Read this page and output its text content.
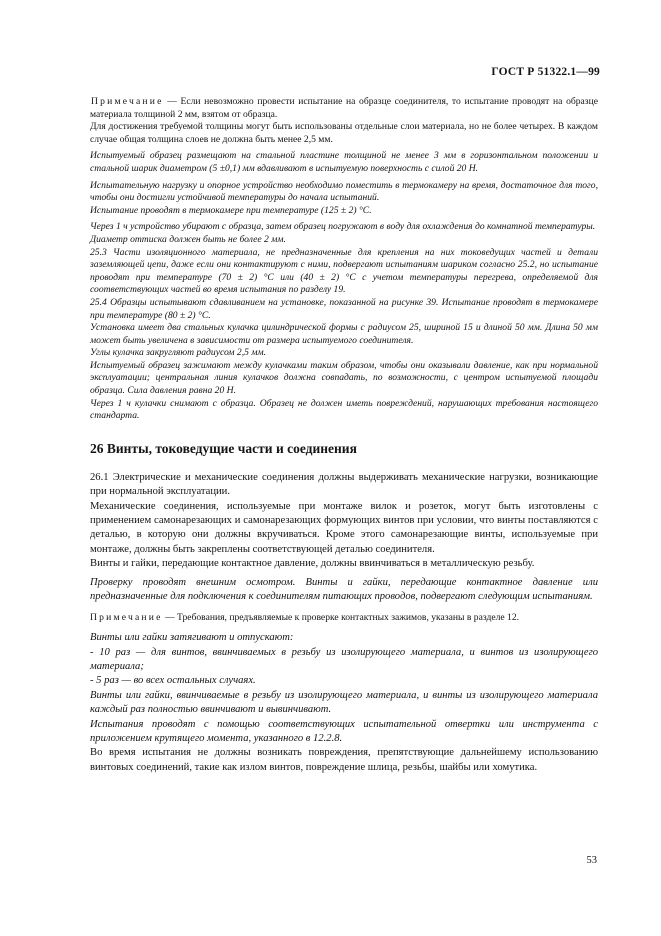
ГОСТ Р 51322.1—99

Примечание — Если невозможно провести испытание на образце соединителя, то испытание проводят на образце материала толщиной 2 мм, взятом от образца.

Для достижения требуемой толщины могут быть использованы отдельные слои материала, но не более четырех. В каждом случае общая толщина слоев не должна быть менее 2,5 мм.

Испытуемый образец размещают на стальной пластине толщиной не менее 3 мм в горизонтальном положении и стальной шарик диаметром (5 ±0,1) мм вдавливают в испытуемую поверхность с силой 20 Н.

Испытательную нагрузку и опорное устройство необходимо поместить в термокамеру на время, достаточное для того, чтобы они достигли устойчивой температуры до начала испытаний.

Испытание проводят в термокамере при температуре (125 ± 2) °С.

Через 1 ч устройство убирают с образца, затем образец погружают в воду для охлаждения до комнатной температуры.

Диаметр оттиска должен быть не более 2 мм.

25.3 Части изоляционного материала, не предназначенные для крепления на них токоведущих частей и детали заземляющей цепи, даже если они контактируют с ними, подвергают испытаниям шариком согласно 25.2, но испытание проводят при температуре (70 ± 2) °С или (40 ± 2) °С с учетом температуры перегрева, определяемой для соответствующих частей во время испытания по разделу 19.

25.4 Образцы испытывают сдавливанием на установке, показанной на рисунке 39. Испытание проводят в термокамере при температуре (80 ± 2) °С.

Установка имеет два стальных кулачка цилиндрической формы с радиусом 25, шириной 15 и длиной 50 мм. Длина 50 мм может быть увеличена в зависимости от размера испытуемого соединителя.

Углы кулачка закругляют радиусом 2,5 мм.

Испытуемый образец зажимают между кулачками таким образом, чтобы они оказывали давление, как при нормальной эксплуатации; центральная линия кулачков должна совпадать, по возможности, с центром испытуемой площади образца. Сила давления равна 20 Н.

Через 1 ч кулачки снимают с образца. Образец не должен иметь повреждений, нарушающих требования настоящего стандарта.

26 Винты, токоведущие части и соединения

26.1 Электрические и механические соединения должны выдерживать механические нагрузки, возникающие при нормальной эксплуатации.

Механические соединения, используемые при монтаже вилок и розеток, могут быть изготовлены с применением самонарезающих и самонарезающих формующих винтов при условии, что винты поставляются с деталью, в которую они должны вкручиваться. Кроме этого самонарезающие винты, используемые при монтаже, должны быть закреплены соответствующей деталью соединителя.

Винты и гайки, передающие контактное давление, должны ввинчиваться в металлическую резьбу.

Проверку проводят внешним осмотром. Винты и гайки, передающие контактное давление или предназначенные для подключения к соединителям питающих проводов, подвергают следующим испытаниям.

Примечание — Требования, предъявляемые к проверке контактных зажимов, указаны в разделе 12.

Винты или гайки затягивают и отпускают:

- 10 раз — для винтов, ввинчиваемых в резьбу из изолирующего материала, и винтов из изолирующего материала;

- 5 раз — во всех остальных случаях.

Винты или гайки, ввинчиваемые в резьбу из изолирующего материала, и винты из изолирующего материала каждый раз полностью ввинчивают и вывинчивают.

Испытания проводят с помощью соответствующих испытательной отвертки или инструмента с приложением крутящего момента, указанного в 12.2.8.

Во время испытания не должны возникать повреждения, препятствующие дальнейшему использованию винтовых соединений, такие как излом винтов, повреждение шлица, резьбы, шайбы или хомутика.

53
